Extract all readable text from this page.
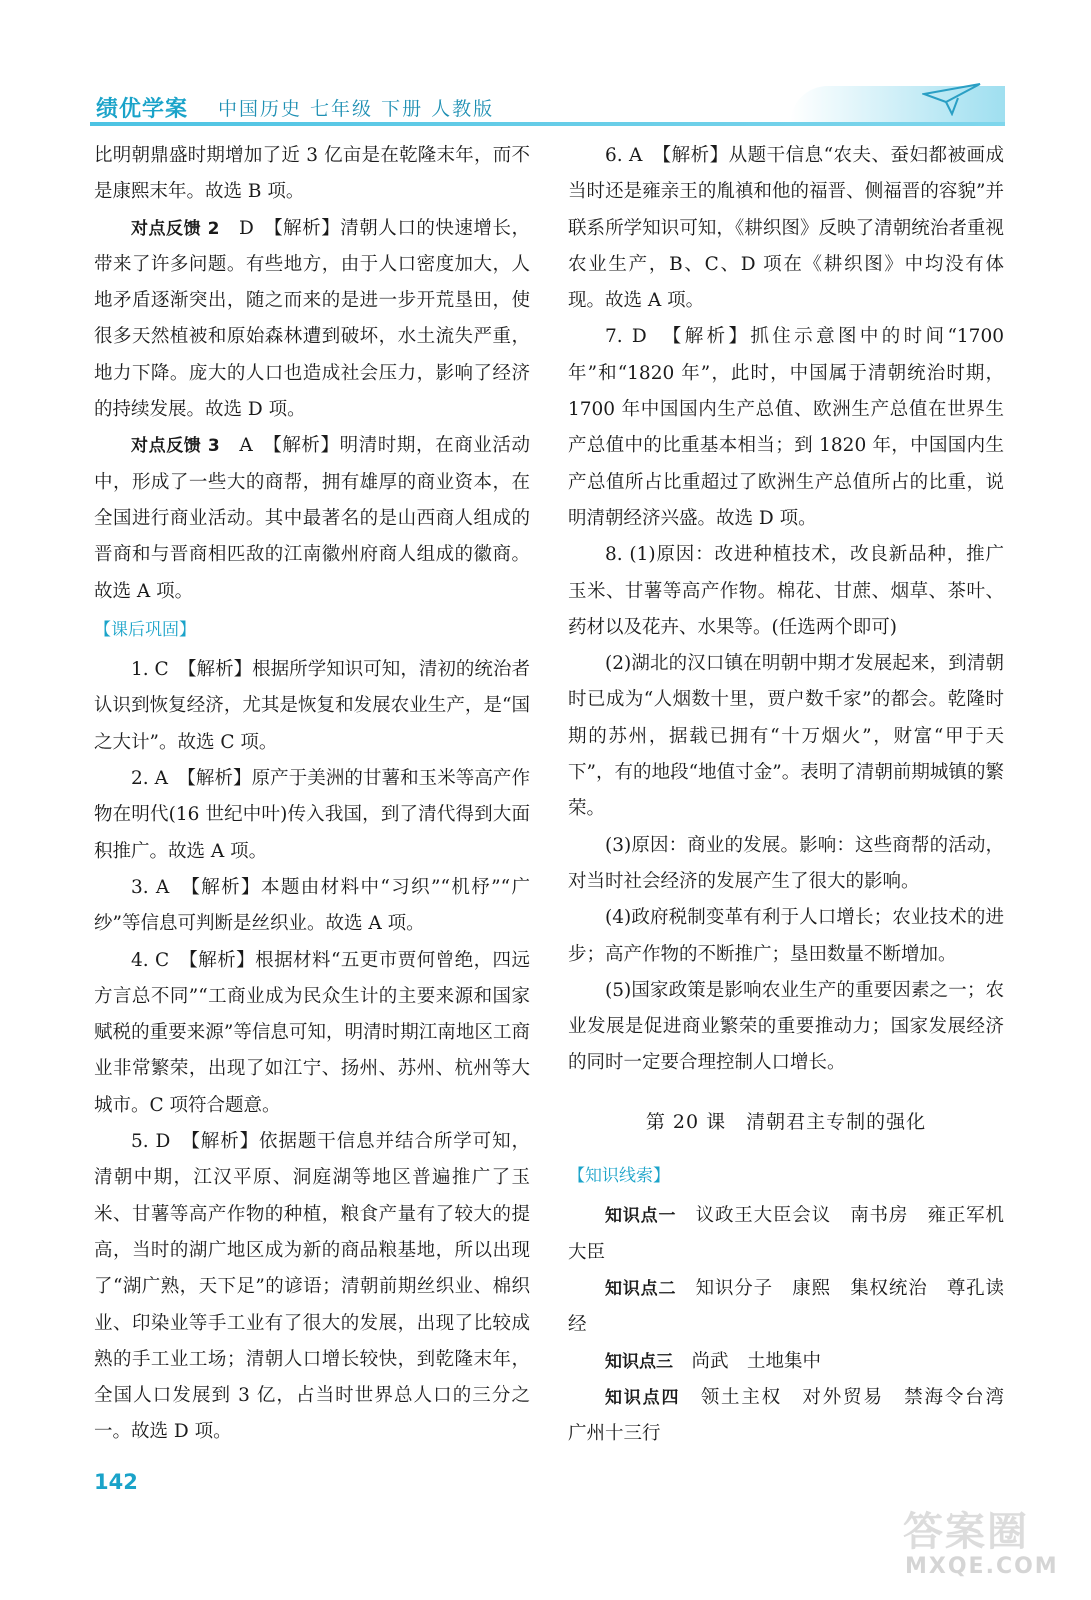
绩优学案 中国历史 七年级 下册 人教版

比明朝鼎盛时期增加了近 3 亿亩是在乾隆末年，而不是康熙末年。故选 B 项。

对点反馈 2　D　【解析】清朝人口的快速增长，带来了许多问题。有些地方，由于人口密度加大，人地矛盾逐渐突出，随之而来的是进一步开荒垦田，使很多天然植被和原始森林遭到破坏，水土流失严重，地力下降。庞大的人口也造成社会压力，影响了经济的持续发展。故选 D 项。

对点反馈 3　A　【解析】明清时期，在商业活动中，形成了一些大的商帮，拥有雄厚的商业资本，在全国进行商业活动。其中最著名的是山西商人组成的晋商和与晋商相匹敌的江南徽州府商人组成的徽商。故选 A 项。

【课后巩固】

1. C　【解析】根据所学知识可知，清初的统治者认识到恢复经济，尤其是恢复和发展农业生产，是“国之大计”。故选 C 项。

2. A　【解析】原产于美洲的甘薯和玉米等高产作物在明代(16 世纪中叶)传入我国，到了清代得到大面积推广。故选 A 项。

3. A　【解析】本题由材料中“习织”“机杼”“广纱”等信息可判断是丝织业。故选 A 项。

4. C　【解析】根据材料“五更市贾何曾绝，四远方言总不同”“工商业成为民众生计的主要来源和国家赋税的重要来源”等信息可知，明清时期江南地区工商业非常繁荣，出现了如江宁、扬州、苏州、杭州等大城市。C 项符合题意。

5. D　【解析】依据题干信息并结合所学可知，清朝中期，江汉平原、洞庭湖等地区普遍推广了玉米、甘薯等高产作物的种植，粮食产量有了较大的提高，当时的湖广地区成为新的商品粮基地，所以出现了“湖广熟，天下足”的谚语；清朝前期丝织业、棉织业、印染业等手工业有了很大的发展，出现了比较成熟的手工业工场；清朝人口增长较快，到乾隆末年，全国人口发展到 3 亿，占当时世界总人口的三分之一。故选 D 项。

6. A　【解析】从题干信息“农夫、蚕妇都被画成当时还是雍亲王的胤禛和他的福晋、侧福晋的容貌”并联系所学知识可知，《耕织图》反映了清朝统治者重视农业生产，B、C、D 项在《耕织图》中均没有体现。故选 A 项。

7. D　【解析】抓住示意图中的时间“1700 年”和“1820 年”，此时，中国属于清朝统治时期，1700 年中国国内生产总值、欧洲生产总值在世界生产总值中的比重基本相当；到 1820 年，中国国内生产总值所占比重超过了欧洲生产总值所占的比重，说明清朝经济兴盛。故选 D 项。

8. (1)原因：改进种植技术，改良新品种，推广玉米、甘薯等高产作物。棉花、甘蔗、烟草、茶叶、药材以及花卉、水果等。(任选两个即可)

(2)湖北的汉口镇在明朝中期才发展起来，到清朝时已成为“人烟数十里，贾户数千家”的都会。乾隆时期的苏州，据载已拥有“十万烟火”，财富“甲于天下”，有的地段“地值寸金”。表明了清朝前期城镇的繁荣。

(3)原因：商业的发展。影响：这些商帮的活动，对当时社会经济的发展产生了很大的影响。

(4)政府税制变革有利于人口增长；农业技术的进步；高产作物的不断推广；垦田数量不断增加。

(5)国家政策是影响农业生产的重要因素之一；农业发展是促进商业繁荣的重要推动力；国家发展经济的同时一定要合理控制人口增长。

第 20 课　清朝君主专制的强化
【知识线索】

知识点一　议政王大臣会议　南书房　雍正军机大臣

知识点二　知识分子　康熙　集权统治　尊孔读经

知识点三　尚武　土地集中

知识点四　领土主权　对外贸易　禁海令台湾　广州十三行

142
答案圈
MXQE.COM
